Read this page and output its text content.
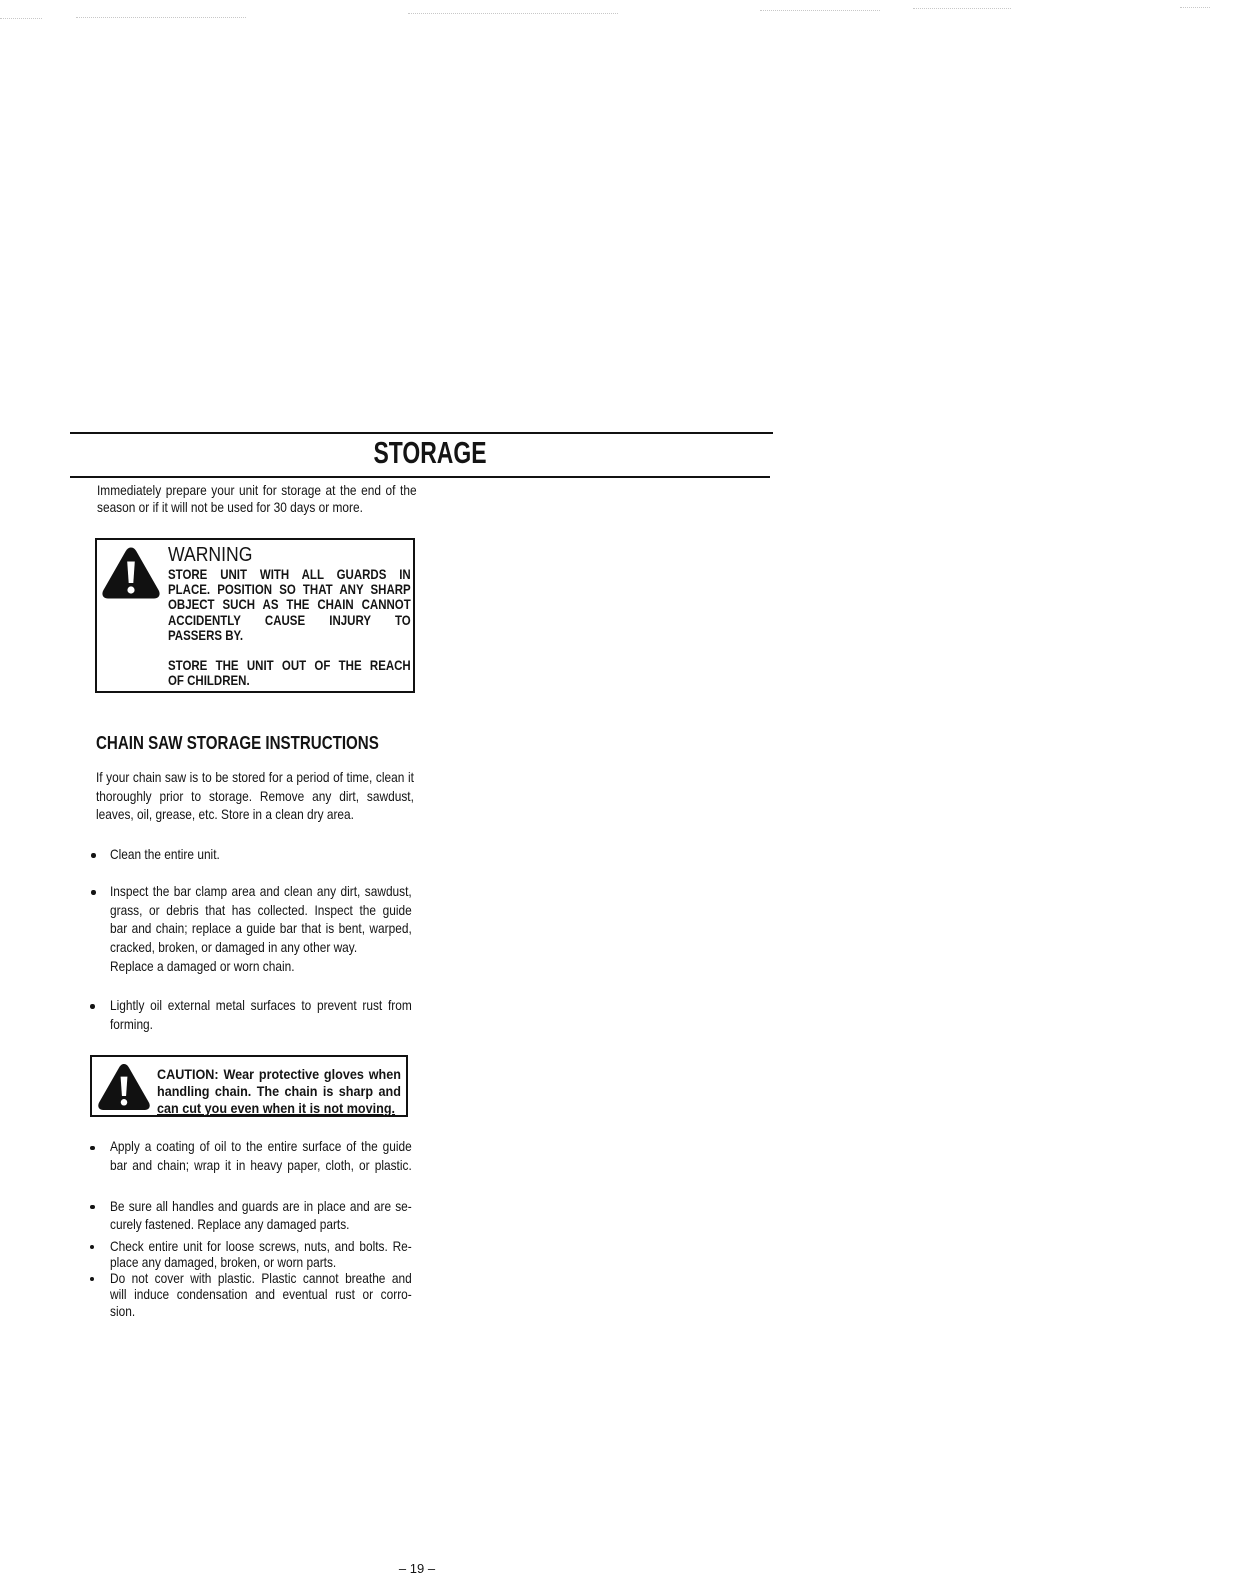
STORAGE
Immediately prepare your unit for storage at the end of the
season or if it will not be used for 30 days or more.
WARNING
STORE UNIT WITH ALL GUARDS IN
PLACE. POSITION SO THAT ANY SHARP
OBJECT SUCH AS THE CHAIN CANNOT
ACCIDENTLY CAUSE INJURY TO
PASSERS BY.
STORE THE UNIT OUT OF THE REACH
OF CHILDREN.
CHAIN SAW STORAGE INSTRUCTIONS
If your chain saw is to be stored for a period of time, clean it
thoroughly prior to storage. Remove any dirt, sawdust,
leaves, oil, grease, etc. Store in a clean dry area.
Clean the entire unit.
Inspect the bar clamp area and clean any dirt, sawdust,
grass, or debris that has collected. Inspect the guide
bar and chain; replace a guide bar that is bent, warped,
cracked, broken, or damaged in any other way.
Replace a damaged or worn chain.
Lightly oil external metal surfaces to prevent rust from
forming.
CAUTION: Wear protective gloves when
handling chain. The chain is sharp and
can cut you even when it is not moving.
Apply a coating of oil to the entire surface of the guide
bar and chain; wrap it in heavy paper, cloth, or plastic.
Be sure all handles and guards are in place and are se-
curely fastened. Replace any damaged parts.
Check entire unit for loose screws, nuts, and bolts. Re-
place any damaged, broken, or worn parts.
Do not cover with plastic. Plastic cannot breathe and
will induce condensation and eventual rust or corro-
sion.
– 19 –
